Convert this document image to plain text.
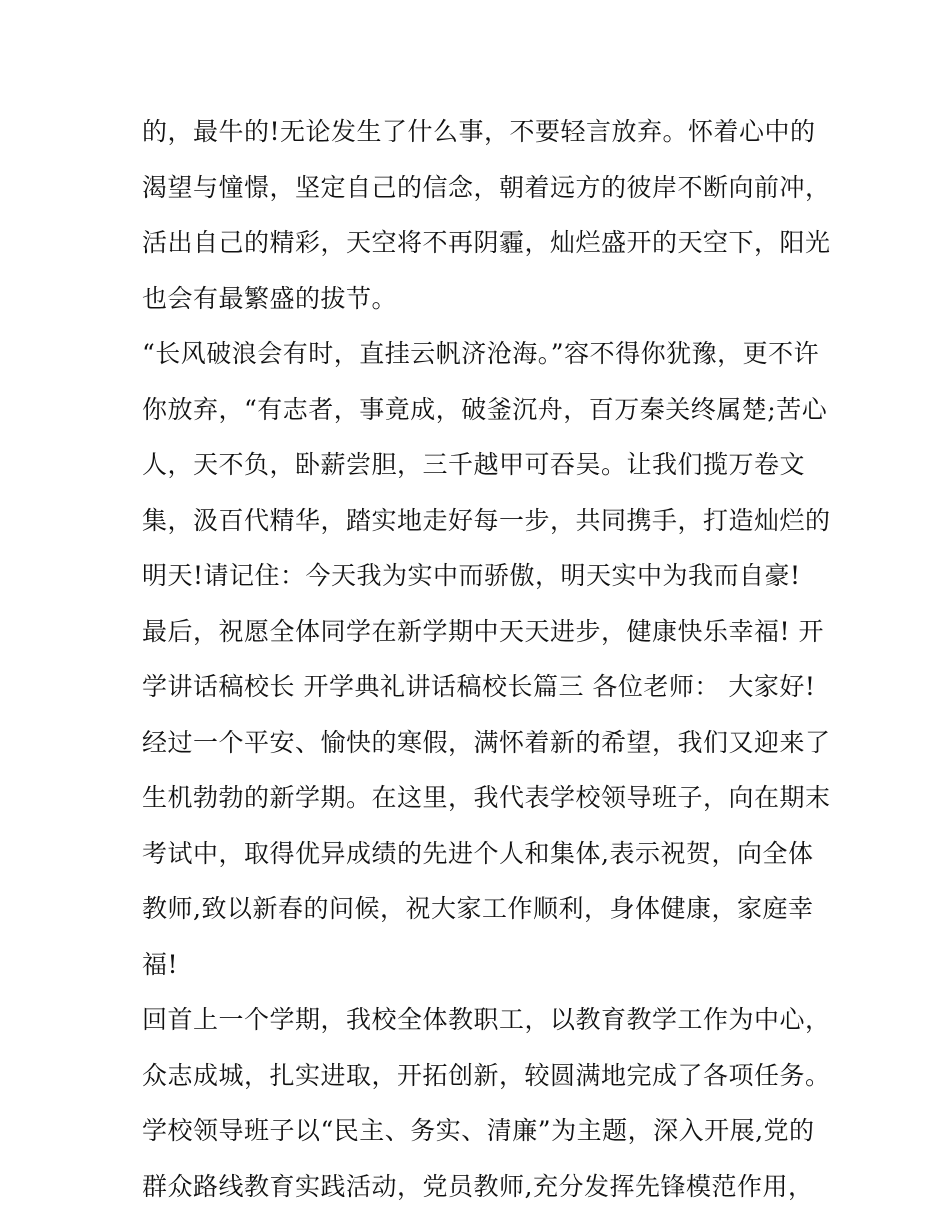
的，最牛的!无论发生了什么事，不要轻言放弃。怀着心中的
渴望与憧憬，坚定自己的信念，朝着远方的彼岸不断向前冲，
活出自己的精彩，天空将不再阴霾，灿烂盛开的天空下，阳光
也会有最繁盛的拔节。
“长风破浪会有时，直挂云帆济沧海。”容不得你犹豫，更不许
你放弃，“有志者，事竟成，破釜沉舟，百万秦关终属楚;苦心
人，天不负，卧薪尝胆，三千越甲可吞吴。让我们揽万卷文
集，汲百代精华，踏实地走好每一步，共同携手，打造灿烂的
明天!请记住：今天我为实中而骄傲，明天实中为我而自豪!
最后，祝愿全体同学在新学期中天天进步，健康快乐幸福! 开
学讲话稿校长 开学典礼讲话稿校长篇三 各位老师： 大家好!
经过一个平安、愉快的寒假，满怀着新的希望，我们又迎来了
生机勃勃的新学期。在这里，我代表学校领导班子，向在期末
考试中，取得优异成绩的先进个人和集体,表示祝贺，向全体
教师,致以新春的问候，祝大家工作顺利，身体健康，家庭幸
福!
回首上一个学期，我校全体教职工，以教育教学工作为中心，
众志成城，扎实进取，开拓创新，较圆满地完成了各项任务。
学校领导班子以“民主、务实、清廉”为主题，深入开展,党的
群众路线教育实践活动，党员教师,充分发挥先锋模范作用，
